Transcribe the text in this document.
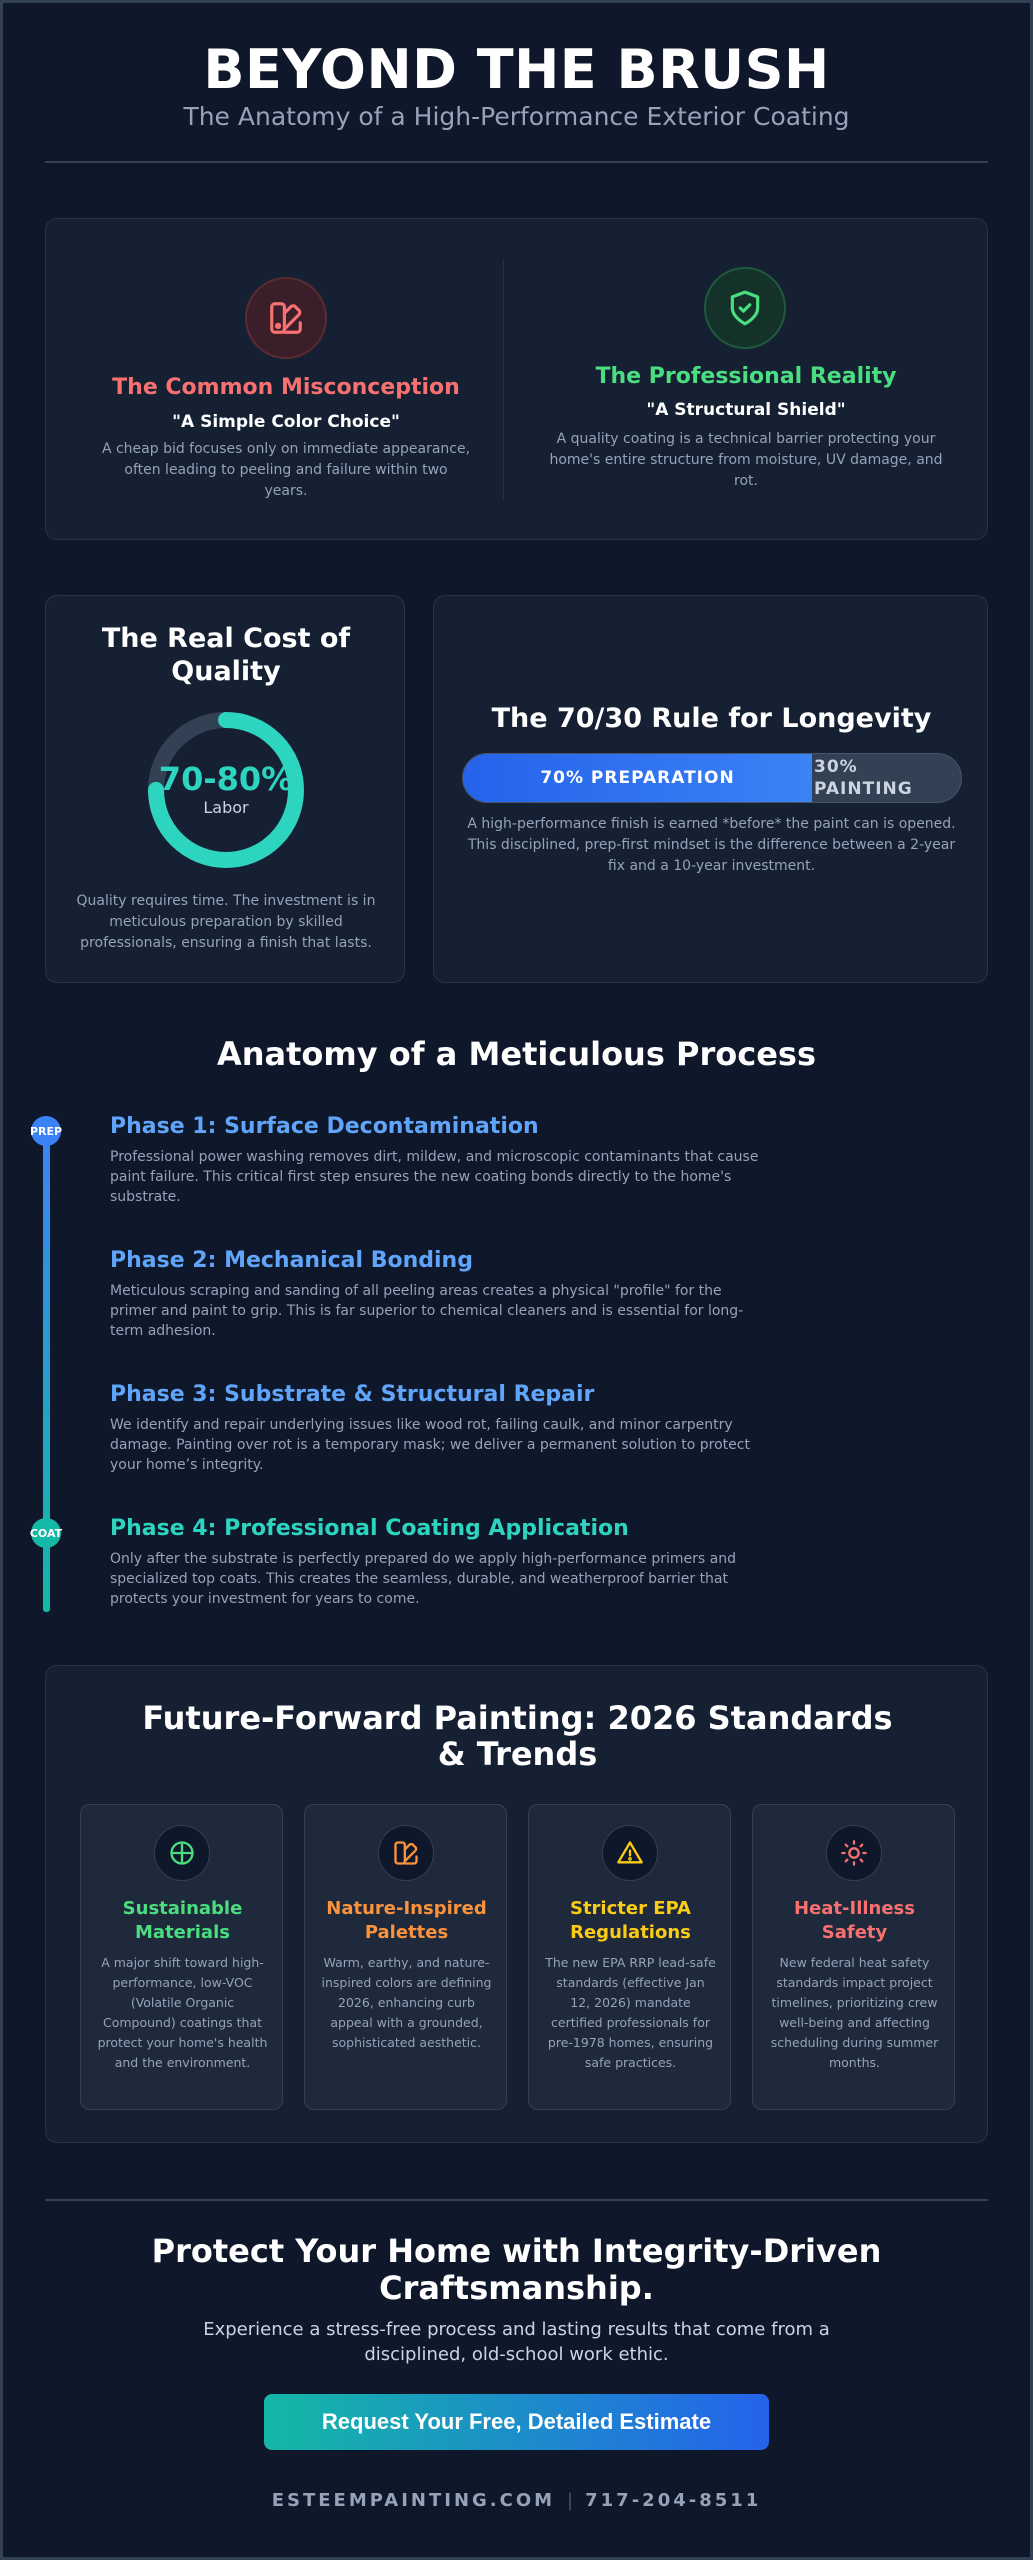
BEYOND THE BRUSH
The Anatomy of a High-Performance Exterior Coating
The Common Misconception
"A Simple Color Choice"
A cheap bid focuses only on immediate appearance, often leading to peeling and failure within two years.
The Professional Reality
"A Structural Shield"
A quality coating is a technical barrier protecting your home's entire structure from moisture, UV damage, and rot.
The Real Cost of Quality
70-80%
Labor
Quality requires time. The investment is in meticulous preparation by skilled professionals, ensuring a finish that lasts.
The 70/30 Rule for Longevity
70% PREPARATION
30% PAINTING
A high-performance finish is earned *before* the paint can is opened. This disciplined, prep-first mindset is the difference between a 2-year fix and a 10-year investment.
Anatomy of a Meticulous Process
PREP
COAT
Phase 1: Surface Decontamination
Professional power washing removes dirt, mildew, and microscopic contaminants that cause paint failure. This critical first step ensures the new coating bonds directly to the home's substrate.
Phase 2: Mechanical Bonding
Meticulous scraping and sanding of all peeling areas creates a physical "profile" for the primer and paint to grip. This is far superior to chemical cleaners and is essential for long-term adhesion.
Phase 3: Substrate & Structural Repair
We identify and repair underlying issues like wood rot, failing caulk, and minor carpentry damage. Painting over rot is a temporary mask; we deliver a permanent solution to protect your home’s integrity.
Phase 4: Professional Coating Application
Only after the substrate is perfectly prepared do we apply high-performance primers and specialized top coats. This creates the seamless, durable, and weatherproof barrier that protects your investment for years to come.
Future-Forward Painting: 2026 Standards & Trends
Sustainable Materials
A major shift toward high-performance, low-VOC (Volatile Organic Compound) coatings that protect your home's health and the environment.
Nature-Inspired Palettes
Warm, earthy, and nature-inspired colors are defining 2026, enhancing curb appeal with a grounded, sophisticated aesthetic.
Stricter EPA Regulations
The new EPA RRP lead-safe standards (effective Jan 12, 2026) mandate certified professionals for pre-1978 homes, ensuring safe practices.
Heat-Illness Safety
New federal heat safety standards impact project timelines, prioritizing crew well-being and affecting scheduling during summer months.
Protect Your Home with Integrity-Driven Craftsmanship.
Experience a stress-free process and lasting results that come from a disciplined, old-school work ethic.
Request Your Free, Detailed Estimate
ESTEEMPAINTING.COM | 717-204-8511
